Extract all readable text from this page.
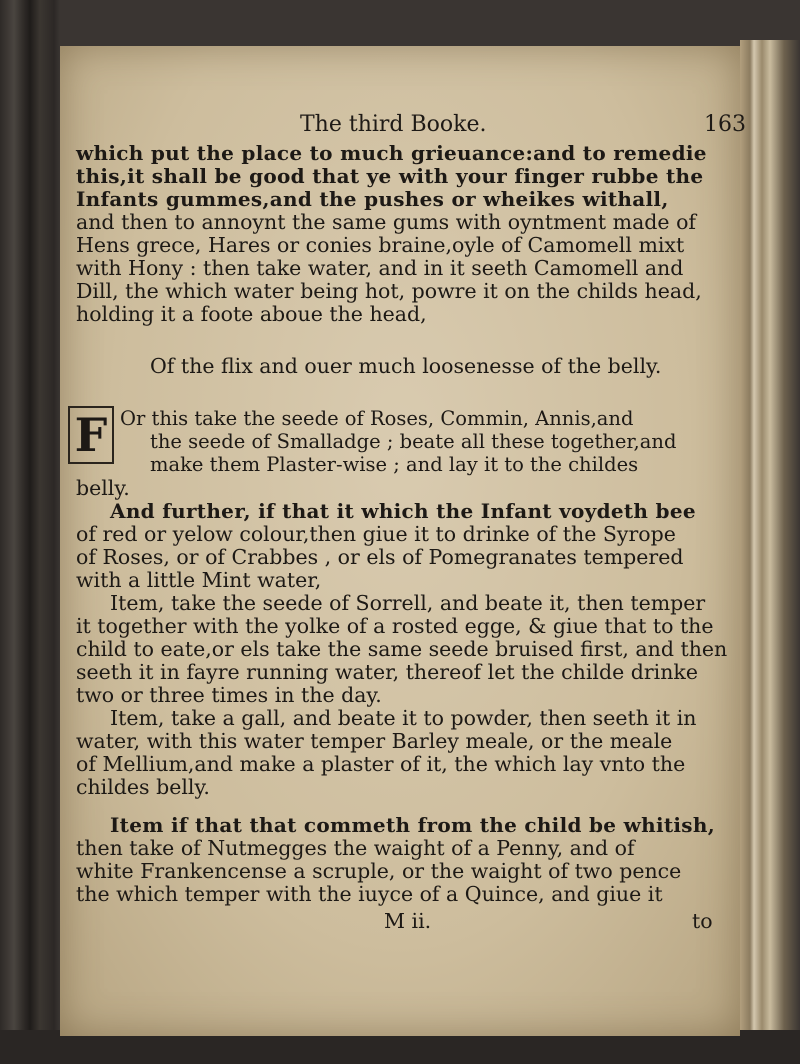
The third Booke.	163
which put the place to much grieuance:and to remedie
this,it shall be good that ye with your finger rubbe the
Infants gummes,and the pushes or wheikes withall,
and then to annoynt the same gums with oyntment made of
Hens grece, Hares or conies braine,oyle of Camomell mixt
with Hony : then take water, and in it seeth Camomell and
Dill, the which water being hot, powre it on the childs head,
holding it a foote aboue the head,
Of the flix and ouer much loosenesse of the belly.
F Or this take the seede of Roses, Commin, Annis,and
the seede of Smalladge ; beate all these together,and
make them Plaster-wise ; and lay it to the childes
belly.
And further, if that it which the Infant voydeth bee
of red or yelow colour,then giue it to drinke of the Syrope
of Roses, or of Crabbes , or els of Pomegranates tempered
with a little Mint water,
Item, take the seede of Sorrell, and beate it, then temper
it together with the yolke of a rosted egge, & giue that to the
child to eate,or els take the same seede bruised first, and then
seeth it in fayre running water, thereof let the childe drinke
two or three times in the day.
Item, take a gall, and beate it to powder, then seeth it in
water, with this water temper Barley meale, or the meale
of Mellium,and make a plaster of it, the which lay vnto the
childes belly.
Item if that that commeth from the child be whitish,
then take of Nutmegges the waight of a Penny, and of
white Frankencense a scruple, or the waight of two pence
the which temper with the iuyce of a Quince, and giue it
M ii.	to
